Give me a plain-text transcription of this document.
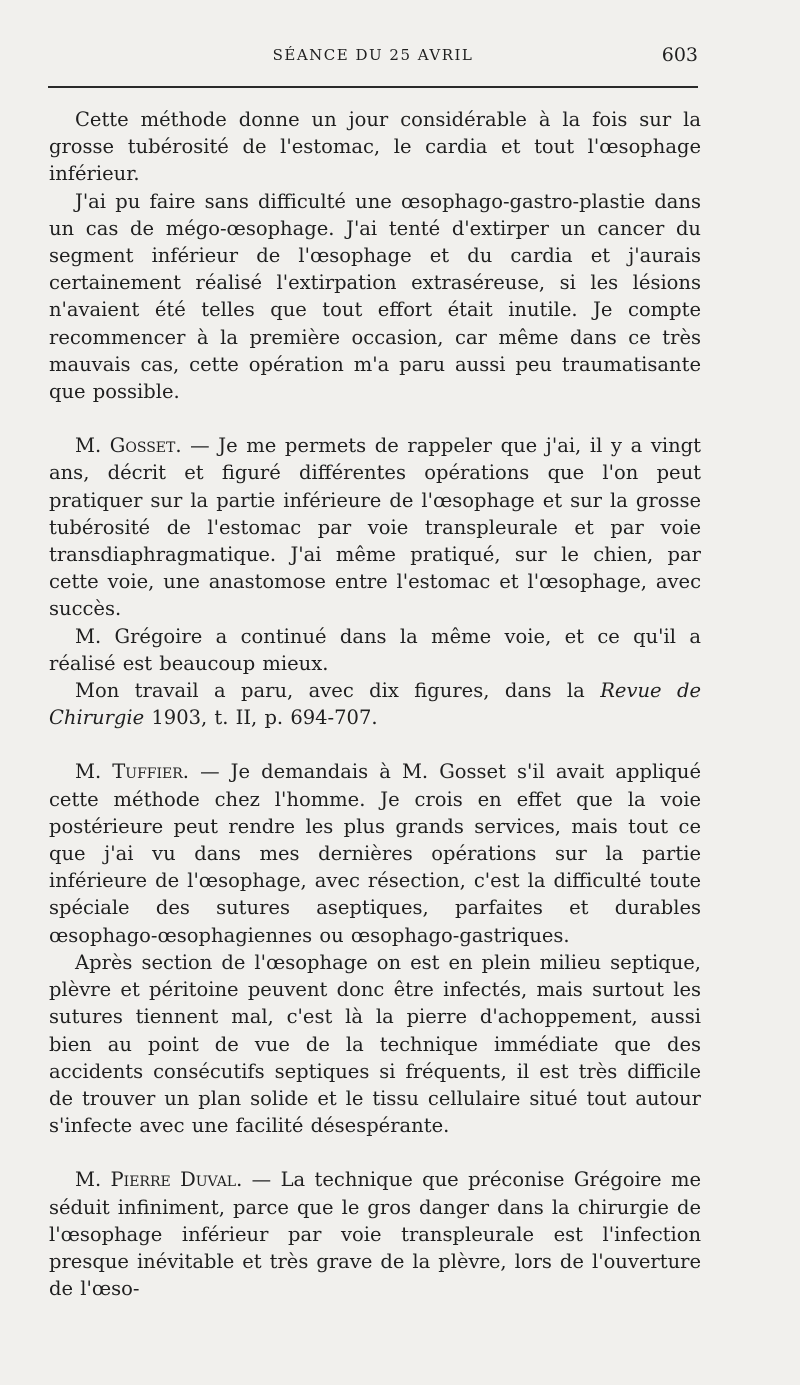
SÉANCE DU 25 AVRIL	603

Cette méthode donne un jour considérable à la fois sur la grosse tubérosité de l'estomac, le cardia et tout l'œsophage inférieur.

J'ai pu faire sans difficulté une œsophago-gastro-plastie dans un cas de mégo-œsophage. J'ai tenté d'extirper un cancer du segment inférieur de l'œsophage et du cardia et j'aurais certainement réalisé l'extirpation extraséreuse, si les lésions n'avaient été telles que tout effort était inutile. Je compte recommencer à la première occasion, car même dans ce très mauvais cas, cette opération m'a paru aussi peu traumatisante que possible.

M. Gosset. — Je me permets de rappeler que j'ai, il y a vingt ans, décrit et figuré différentes opérations que l'on peut pratiquer sur la partie inférieure de l'œsophage et sur la grosse tubérosité de l'estomac par voie transpleurale et par voie transdiaphragmatique. J'ai même pratiqué, sur le chien, par cette voie, une anastomose entre l'estomac et l'œsophage, avec succès.

M. Grégoire a continué dans la même voie, et ce qu'il a réalisé est beaucoup mieux.

Mon travail a paru, avec dix figures, dans la Revue de Chirurgie 1903, t. II, p. 694-707.

M. Tuffier. — Je demandais à M. Gosset s'il avait appliqué cette méthode chez l'homme. Je crois en effet que la voie postérieure peut rendre les plus grands services, mais tout ce que j'ai vu dans mes dernières opérations sur la partie inférieure de l'œsophage, avec résection, c'est la difficulté toute spéciale des sutures aseptiques, parfaites et durables œsophago-œsophagiennes ou œsophago-gastriques.

Après section de l'œsophage on est en plein milieu septique, plèvre et péritoine peuvent donc être infectés, mais surtout les sutures tiennent mal, c'est là la pierre d'achoppement, aussi bien au point de vue de la technique immédiate que des accidents consécutifs septiques si fréquents, il est très difficile de trouver un plan solide et le tissu cellulaire situé tout autour s'infecte avec une facilité désespérante.

M. Pierre Duval. — La technique que préconise Grégoire me séduit infiniment, parce que le gros danger dans la chirurgie de l'œsophage inférieur par voie transpleurale est l'infection presque inévitable et très grave de la plèvre, lors de l'ouverture de l'œso-
